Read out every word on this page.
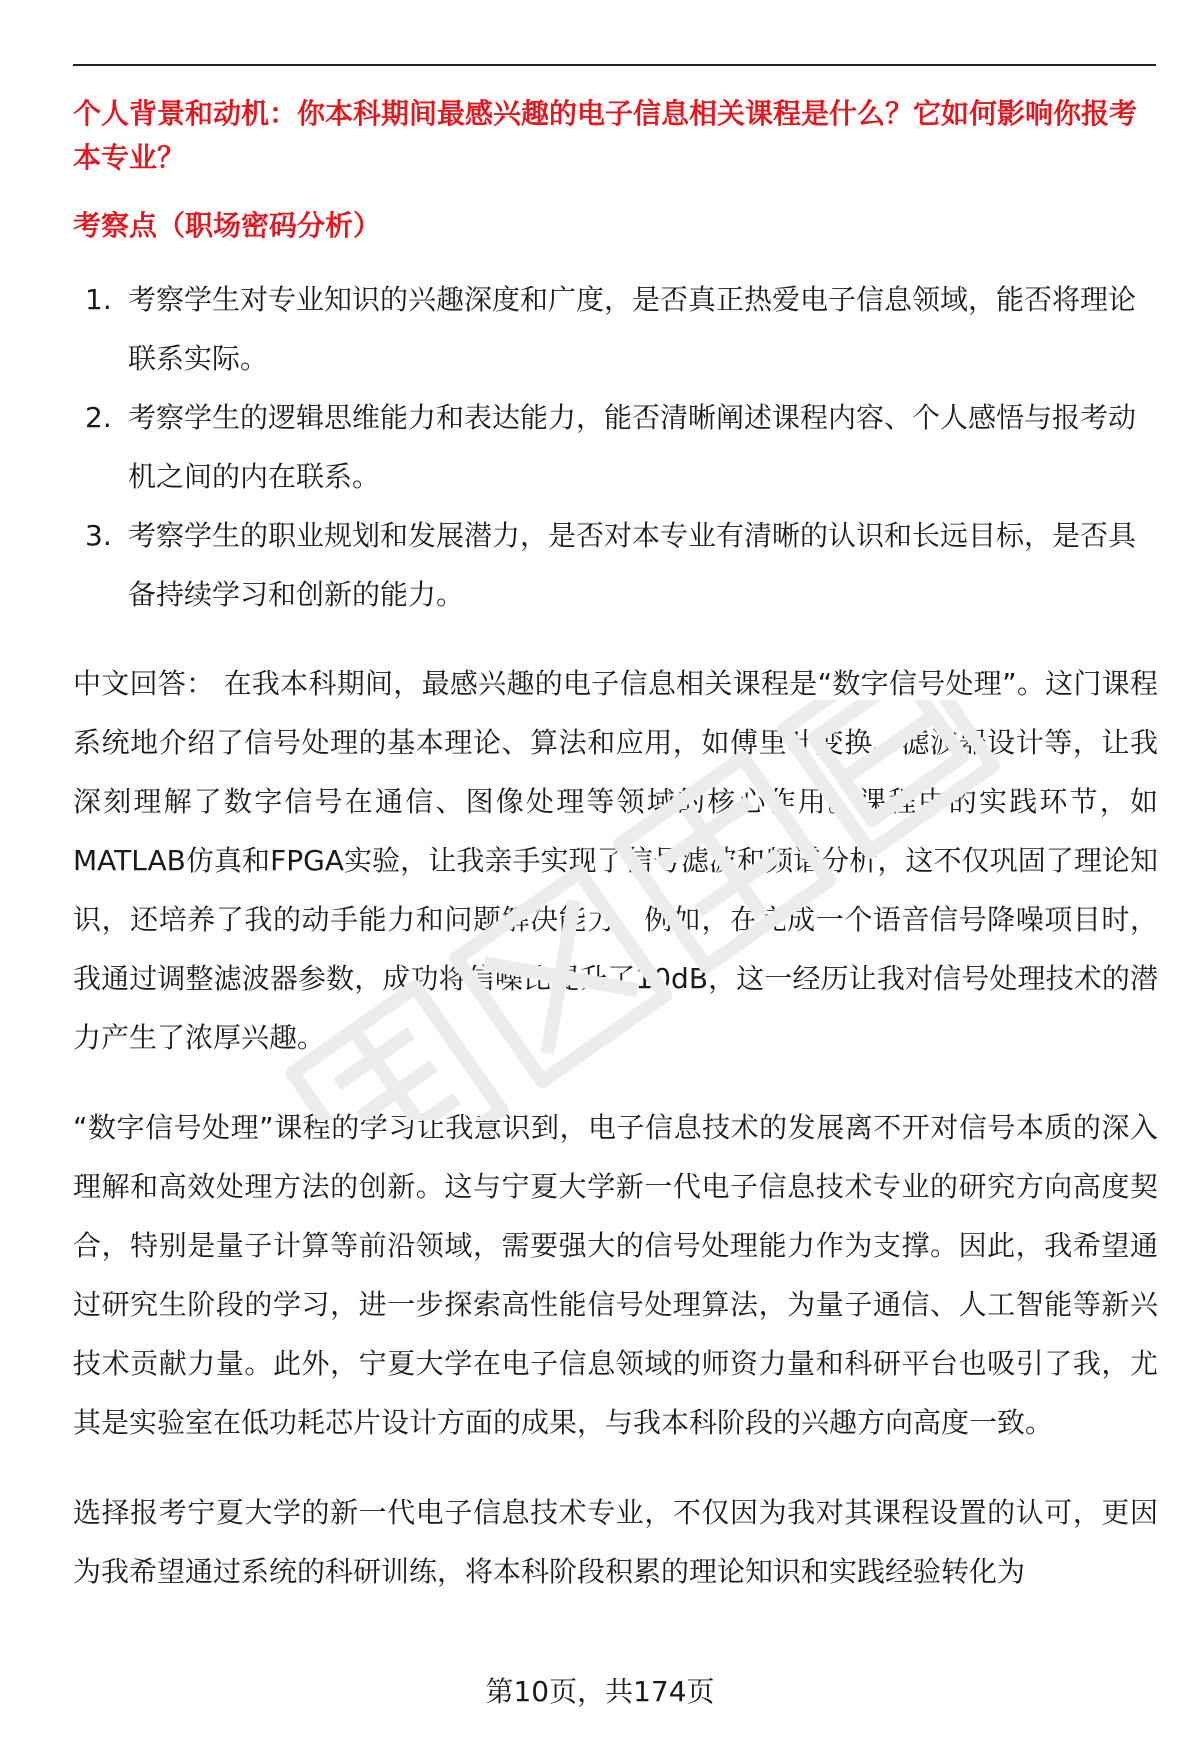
个人背景和动机：你本科期间最感兴趣的电子信息相关课程是什么？它如何影响你报考本专业？

考察点（职场密码分析）

1. 考察学生对专业知识的兴趣深度和广度，是否真正热爱电子信息领域，能否将理论联系实际。
2. 考察学生的逻辑思维能力和表达能力，能否清晰阐述课程内容、个人感悟与报考动机之间的内在联系。
3. 考察学生的职业规划和发展潜力，是否对本专业有清晰的认识和长远目标，是否具备持续学习和创新的能力。

中文回答： 在我本科期间，最感兴趣的电子信息相关课程是“数字信号处理”。这门课程系统地介绍了信号处理的基本理论、算法和应用，如傅里叶变换、滤波器设计等，让我深刻理解了数字信号在通信、图像处理等领域的核心作用。课程中的实践环节，如MATLAB仿真和FPGA实验，让我亲手实现了信号滤波和频谱分析，这不仅巩固了理论知识，还培养了我的动手能力和问题解决能力。例如，在完成一个语音信号降噪项目时，我通过调整滤波器参数，成功将信噪比提升了10dB，这一经历让我对信号处理技术的潜力产生了浓厚兴趣。

“数字信号处理”课程的学习让我意识到，电子信息技术的发展离不开对信号本质的深入理解和高效处理方法的创新。这与宁夏大学新一代电子信息技术专业的研究方向高度契合，特别是量子计算等前沿领域，需要强大的信号处理能力作为支撑。因此，我希望通过研究生阶段的学习，进一步探索高性能信号处理算法，为量子通信、人工智能等新兴技术贡献力量。此外，宁夏大学在电子信息领域的师资力量和科研平台也吸引了我，尤其是实验室在低功耗芯片设计方面的成果，与我本科阶段的兴趣方向高度一致。

选择报考宁夏大学的新一代电子信息技术专业，不仅因为我对其课程设置的认可，更因为我希望通过系统的科研训练，将本科阶段积累的理论知识和实践经验转化为

第10页，共174页
